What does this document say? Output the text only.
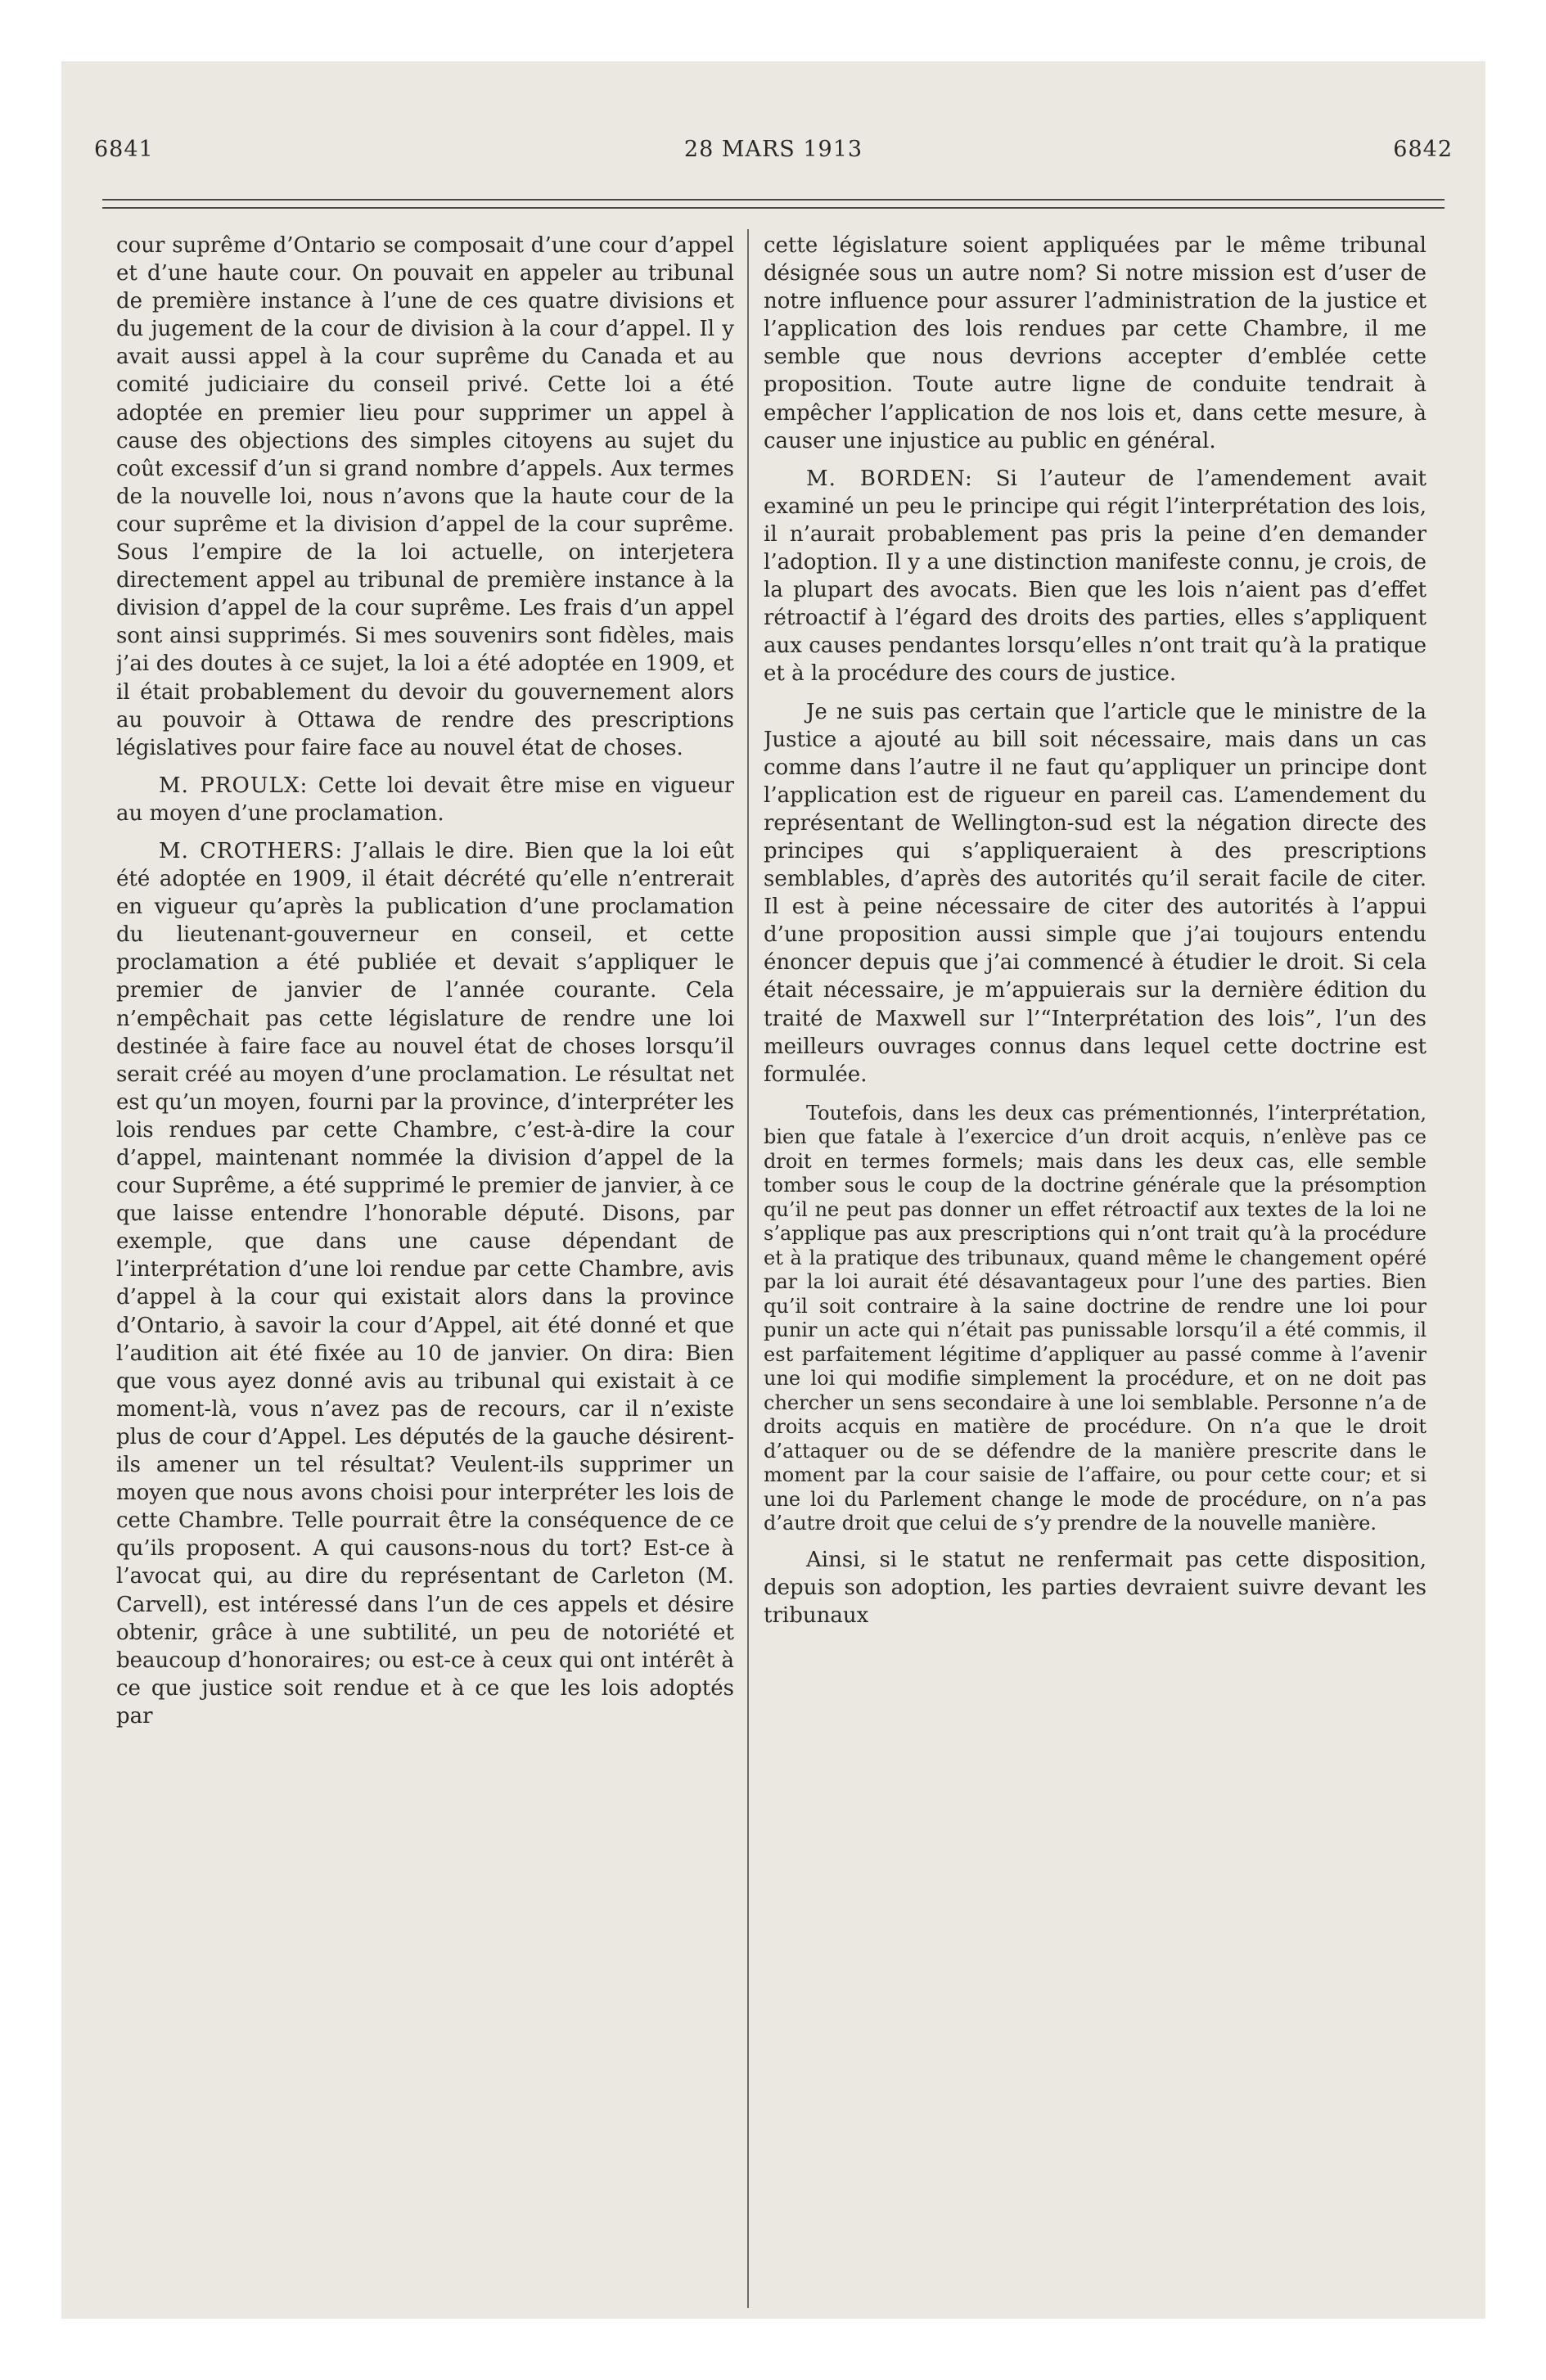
6841	28 MARS 1913	6842

cour suprême d’Ontario se composait d’une cour d’appel et d’une haute cour. On pouvait en appeler au tribunal de première instance à l’une de ces quatre divisions et du jugement de la cour de division à la cour d’appel. Il y avait aussi appel à la cour suprême du Canada et au comité judiciaire du conseil privé. Cette loi a été adoptée en premier lieu pour supprimer un appel à cause des objections des simples citoyens au sujet du coût excessif d’un si grand nombre d’appels. Aux termes de la nouvelle loi, nous n’avons que la haute cour de la cour suprême et la division d’appel de la cour suprême. Sous l’empire de la loi actuelle, on interjetera directement appel au tribunal de première instance à la division d’appel de la cour suprême. Les frais d’un appel sont ainsi supprimés. Si mes souvenirs sont fidèles, mais j’ai des doutes à ce sujet, la loi a été adoptée en 1909, et il était probablement du devoir du gouvernement alors au pouvoir à Ottawa de rendre des prescriptions législatives pour faire face au nouvel état de choses.

M. PROULX: Cette loi devait être mise en vigueur au moyen d’une proclamation.

M. CROTHERS: J’allais le dire. Bien que la loi eût été adoptée en 1909, il était décrété qu’elle n’entrerait en vigueur qu’après la publication d’une proclamation du lieutenant-gouverneur en conseil, et cette proclamation a été publiée et devait s’appliquer le premier de janvier de l’année courante. Cela n’empêchait pas cette législature de rendre une loi destinée à faire face au nouvel état de choses lorsqu’il serait créé au moyen d’une proclamation. Le résultat net est qu’un moyen, fourni par la province, d’interpréter les lois rendues par cette Chambre, c’est-à-dire la cour d’appel, maintenant nommée la division d’appel de la cour Suprême, a été supprimé le premier de janvier, à ce que laisse entendre l’honorable député. Disons, par exemple, que dans une cause dépendant de l’interprétation d’une loi rendue par cette Chambre, avis d’appel à la cour qui existait alors dans la province d’Ontario, à savoir la cour d’Appel, ait été donné et que l’audition ait été fixée au 10 de janvier. On dira: Bien que vous ayez donné avis au tribunal qui existait à ce moment-là, vous n’avez pas de recours, car il n’existe plus de cour d’Appel. Les députés de la gauche désirent-ils amener un tel résultat? Veulent-ils supprimer un moyen que nous avons choisi pour interpréter les lois de cette Chambre. Telle pourrait être la conséquence de ce qu’ils proposent. A qui causons-nous du tort? Est-ce à l’avocat qui, au dire du représentant de Carleton (M. Carvell), est intéressé dans l’un de ces appels et désire obtenir, grâce à une subtilité, un peu de notoriété et beaucoup d’honoraires; ou est-ce à ceux qui ont intérêt à ce que justice soit rendue et à ce que les lois adoptés par

cette législature soient appliquées par le même tribunal désignée sous un autre nom? Si notre mission est d’user de notre influence pour assurer l’administration de la justice et l’application des lois rendues par cette Chambre, il me semble que nous devrions accepter d’emblée cette proposition. Toute autre ligne de conduite tendrait à empêcher l’application de nos lois et, dans cette mesure, à causer une injustice au public en général.

M. BORDEN: Si l’auteur de l’amendement avait examiné un peu le principe qui régit l’interprétation des lois, il n’aurait probablement pas pris la peine d’en demander l’adoption. Il y a une distinction manifeste connu, je crois, de la plupart des avocats. Bien que les lois n’aient pas d’effet rétroactif à l’égard des droits des parties, elles s’appliquent aux causes pendantes lorsqu’elles n’ont trait qu’à la pratique et à la procédure des cours de justice.

Je ne suis pas certain que l’article que le ministre de la Justice a ajouté au bill soit nécessaire, mais dans un cas comme dans l’autre il ne faut qu’appliquer un principe dont l’application est de rigueur en pareil cas. L’amendement du représentant de Wellington-sud est la négation directe des principes qui s’appliqueraient à des prescriptions semblables, d’après des autorités qu’il serait facile de citer. Il est à peine nécessaire de citer des autorités à l’appui d’une proposition aussi simple que j’ai toujours entendu énoncer depuis que j’ai commencé à étudier le droit. Si cela était nécessaire, je m’appuierais sur la dernière édition du traité de Maxwell sur l’“Interprétation des lois”, l’un des meilleurs ouvrages connus dans lequel cette doctrine est formulée.

Toutefois, dans les deux cas prémentionnés, l’interprétation, bien que fatale à l’exercice d’un droit acquis, n’enlève pas ce droit en termes formels; mais dans les deux cas, elle semble tomber sous le coup de la doctrine générale que la présomption qu’il ne peut pas donner un effet rétroactif aux textes de la loi ne s’applique pas aux prescriptions qui n’ont trait qu’à la procédure et à la pratique des tribunaux, quand même le changement opéré par la loi aurait été désavantageux pour l’une des parties. Bien qu’il soit contraire à la saine doctrine de rendre une loi pour punir un acte qui n’était pas punissable lorsqu’il a été commis, il est parfaitement légitime d’appliquer au passé comme à l’avenir une loi qui modifie simplement la procédure, et on ne doit pas chercher un sens secondaire à une loi semblable. Personne n’a de droits acquis en matière de procédure. On n’a que le droit d’attaquer ou de se défendre de la manière prescrite dans le moment par la cour saisie de l’affaire, ou pour cette cour; et si une loi du Parlement change le mode de procédure, on n’a pas d’autre droit que celui de s’y prendre de la nouvelle manière.

Ainsi, si le statut ne renfermait pas cette disposition, depuis son adoption, les parties devraient suivre devant les tribunaux
